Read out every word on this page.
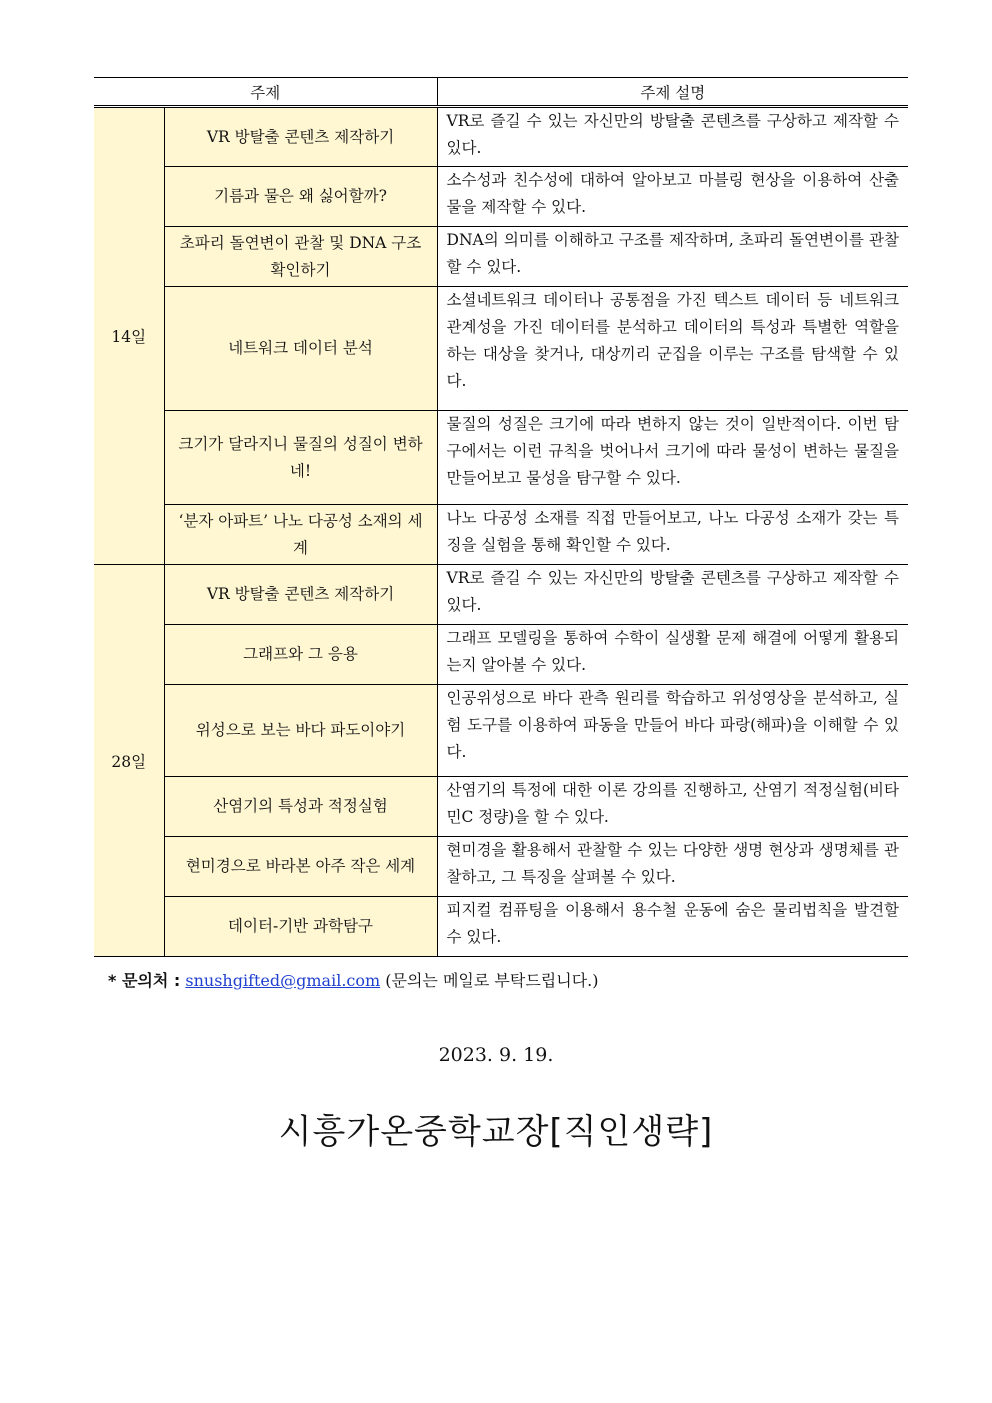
주제		주제 설명
14일	VR 방탈출 콘텐츠 제작하기	VR로 즐길 수 있는 자신만의 방탈출 콘텐츠를 구상하고 제작할 수 있다.
	기름과 물은 왜 싫어할까?	소수성과 친수성에 대하여 알아보고 마블링 현상을 이용하여 산출물을 제작할 수 있다.
	초파리 돌연변이 관찰 및 DNA 구조 확인하기	DNA의 의미를 이해하고 구조를 제작하며, 초파리 돌연변이를 관찰할 수 있다.
	네트워크 데이터 분석	소셜네트워크 데이터나 공통점을 가진 텍스트 데이터 등 네트워크 관계성을 가진 데이터를 분석하고 데이터의 특성과 특별한 역할을 하는 대상을 찾거나, 대상끼리 군집을 이루는 구조를 탐색할 수 있다.
	크기가 달라지니 물질의 성질이 변하네!	물질의 성질은 크기에 따라 변하지 않는 것이 일반적이다. 이번 탐구에서는 이런 규칙을 벗어나서 크기에 따라 물성이 변하는 물질을 만들어보고 물성을 탐구할 수 있다.
	‘분자 아파트’ 나노 다공성 소재의 세계	나노 다공성 소재를 직접 만들어보고, 나노 다공성 소재가 갖는 특징을 실험을 통해 확인할 수 있다.
28일	VR 방탈출 콘텐츠 제작하기	VR로 즐길 수 있는 자신만의 방탈출 콘텐츠를 구상하고 제작할 수 있다.
	그래프와 그 응용	그래프 모델링을 통하여 수학이 실생활 문제 해결에 어떻게 활용되는지 알아볼 수 있다.
	위성으로 보는 바다 파도이야기	인공위성으로 바다 관측 원리를 학습하고 위성영상을 분석하고, 실험 도구를 이용하여 파동을 만들어 바다 파랑(해파)을 이해할 수 있다.
	산염기의 특성과 적정실험	산염기의 특정에 대한 이론 강의를 진행하고, 산염기 적정실험(비타민C 정량)을 할 수 있다.
	현미경으로 바라본 아주 작은 세계	현미경을 활용해서 관찰할 수 있는 다양한 생명 현상과 생명체를 관찰하고, 그 특징을 살펴볼 수 있다.
	데이터-기반 과학탐구	피지컬 컴퓨팅을 이용해서 용수철 운동에 숨은 물리법칙을 발견할 수 있다.
* 문의처 : snushgifted@gmail.com (문의는 메일로 부탁드립니다.)
2023. 9. 19.
시흥가온중학교장[직인생략]
